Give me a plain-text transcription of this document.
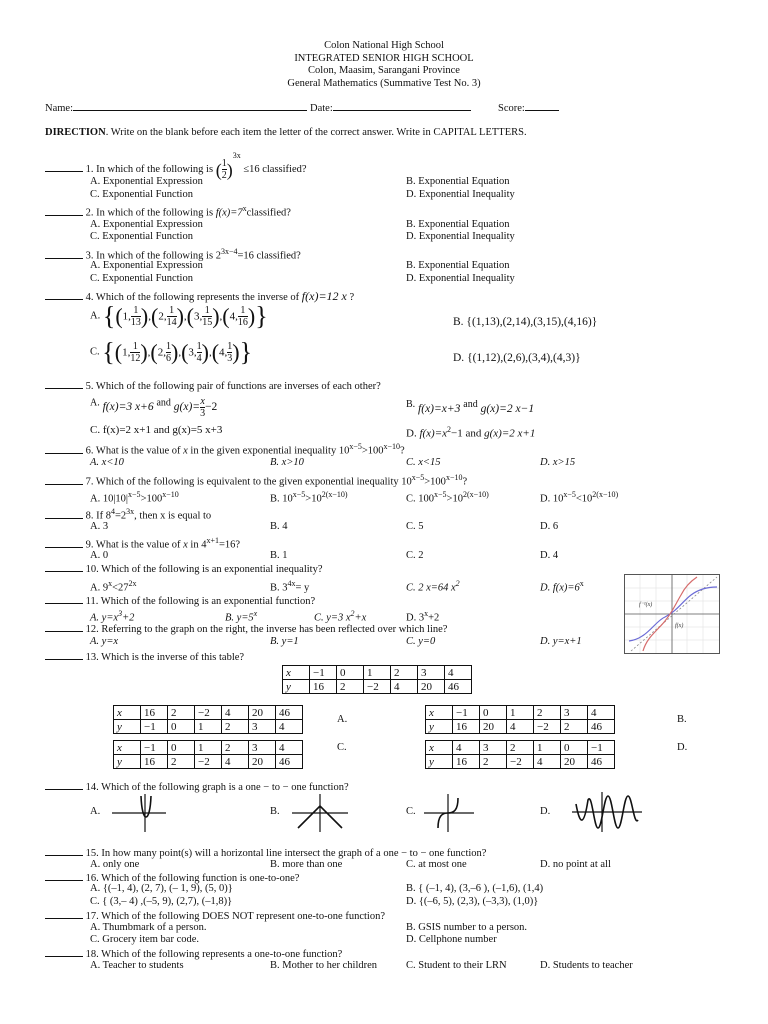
Colon National High School
INTEGRATED SENIOR HIGH SCHOOL
Colon, Maasim, Sarangani Province
General Mathematics (Summative Test No. 3)
Name:	Date:	Score:
DIRECTION. Write on the blank before each item the letter of the correct answer. Write in CAPITAL LETTERS.
1. In which of the following is ( $\frac{1}{2} )^{3x} \le 16$ classified?
A. Exponential Expression	B. Exponential Equation
C. Exponential Function	D. Exponential Inequality
2. In which of the following is $f(x)=7^xclassified$?
A. Exponential Expression	B. Exponential Equation
C. Exponential Function	D. Exponential Inequality
3. In which of the following is $2^{3x-4}=16$ classified?
A. Exponential Expression	B. Exponential Equation
C. Exponential Function	D. Exponential Inequality
4. Which of the following represents the inverse of f(x)=12 x ?
A. {(1, $\frac{1}{13} ),(2$, $\frac{1}{14} ),(3$, $\frac{1}{15} ),(4$, $\frac{1}{16}$ )}	B. {(1,13),(2,14),(3,15),(4,16)}
C. {(1, $\frac{1}{12} ),(2$, $\frac{1}{6} ),(3$, $\frac{1}{4} ),(4$, $\frac{1}{3}$ )}	D. {(1,12),(2,6),(3,4),(4,3)}
5. Which of the following pair of functions are inverses of each other?
$^{A.}$ f(x)=3 x+6 $^{and}$ $g(x)= \frac{x}{3} -2$	$^{B.}$ f(x)=x+3 $^{and}$ g(x)=2 x−1
C. f(x)=2 x+1 and g(x)=5 x+3	D. $f(x)=x^2-1$ and g(x)=2 x+1
6. What is the value of x in the given exponential inequality $10^{x-5}>100^{x-10}$?
A. x<10	B. x>10	C. x<15	D. x>15
7. Which of the following is equivalent to the given exponential inequality $10^{x-5}>100^{x-10}$?
A. $10|10|^{x-5}>100^{x-10}$	B. $10^{x-5}>10^{2(x-10)}$	C. $100^{x-5}>10^{2(x-10)}$	D. $10^{x-5}<10^{2(x-10)}$
8. If $8^4=2^{3x}$, then x is equal to
A. 3	B. 4	C. 5	D. 6
9. What is the value of x in $4^{x+1}=16$?
A. 0	B. 1	C. 2	D. 4
10. Which of the following is an exponential inequality?
A. $9^x<27^{2x}$	B. $3^{4x}= y$	C. 2 x=64 $x^2$	D. $f(x)=6^x$
11. Which of the following is an exponential function?
A. $y=x^3+2$	B. $y=5^x$	C. y=3 $x^2+x$	D. $3^x+2$
12. Referring to the graph on the right, the inverse has been reflected over which line?
A. y=x	B. y=1	C. y=0	D. y=x+1
f⁻¹(x)
f(x)
13. Which is the inverse of this table?
x	−1	0	1	2	3	4
y	16	2	−2	4	20	46
x	16	2	−2	4	20	46
y	−1	0	1	2	3	4
A.
x	−1	0	1	2	3	4
y	16	20	4	−2	2	46
B.
x	−1	0	1	2	3	4
y	16	2	−2	4	20	46
C.	x	4	3	2	1	0	−1
y	16	2	−2	4	20	46
D.
14. Which of the following graph is a one − to − one function?
A.	B.	C.	D.
15. In how many point(s) will a horizontal line intersect the graph of a one − to − one function?
A. only one	B. more than one	C. at most one	D. no point at all
16. Which of the following function is one-to-one?
A. {(–1, 4), (2, 7), (– 1, 9), (5, 0)}	B. { (–1, 4), (3,–6 ), (–1,6), (1,4)
C. { (3,– 4) ,(–5, 9), (2,7), (–1,8)}	D. {(–6, 5), (2,3), (–3,3), (1,0)}
17. Which of the following DOES NOT represent one-to-one function?
A. Thumbmark of a person.	B. GSIS number to a person.
C. Grocery item bar code.	D. Cellphone number
18. Which of the following represents a one-to-one function?
A. Teacher to students	B. Mother to her children	C. Student to their LRN	D. Students to teacher
